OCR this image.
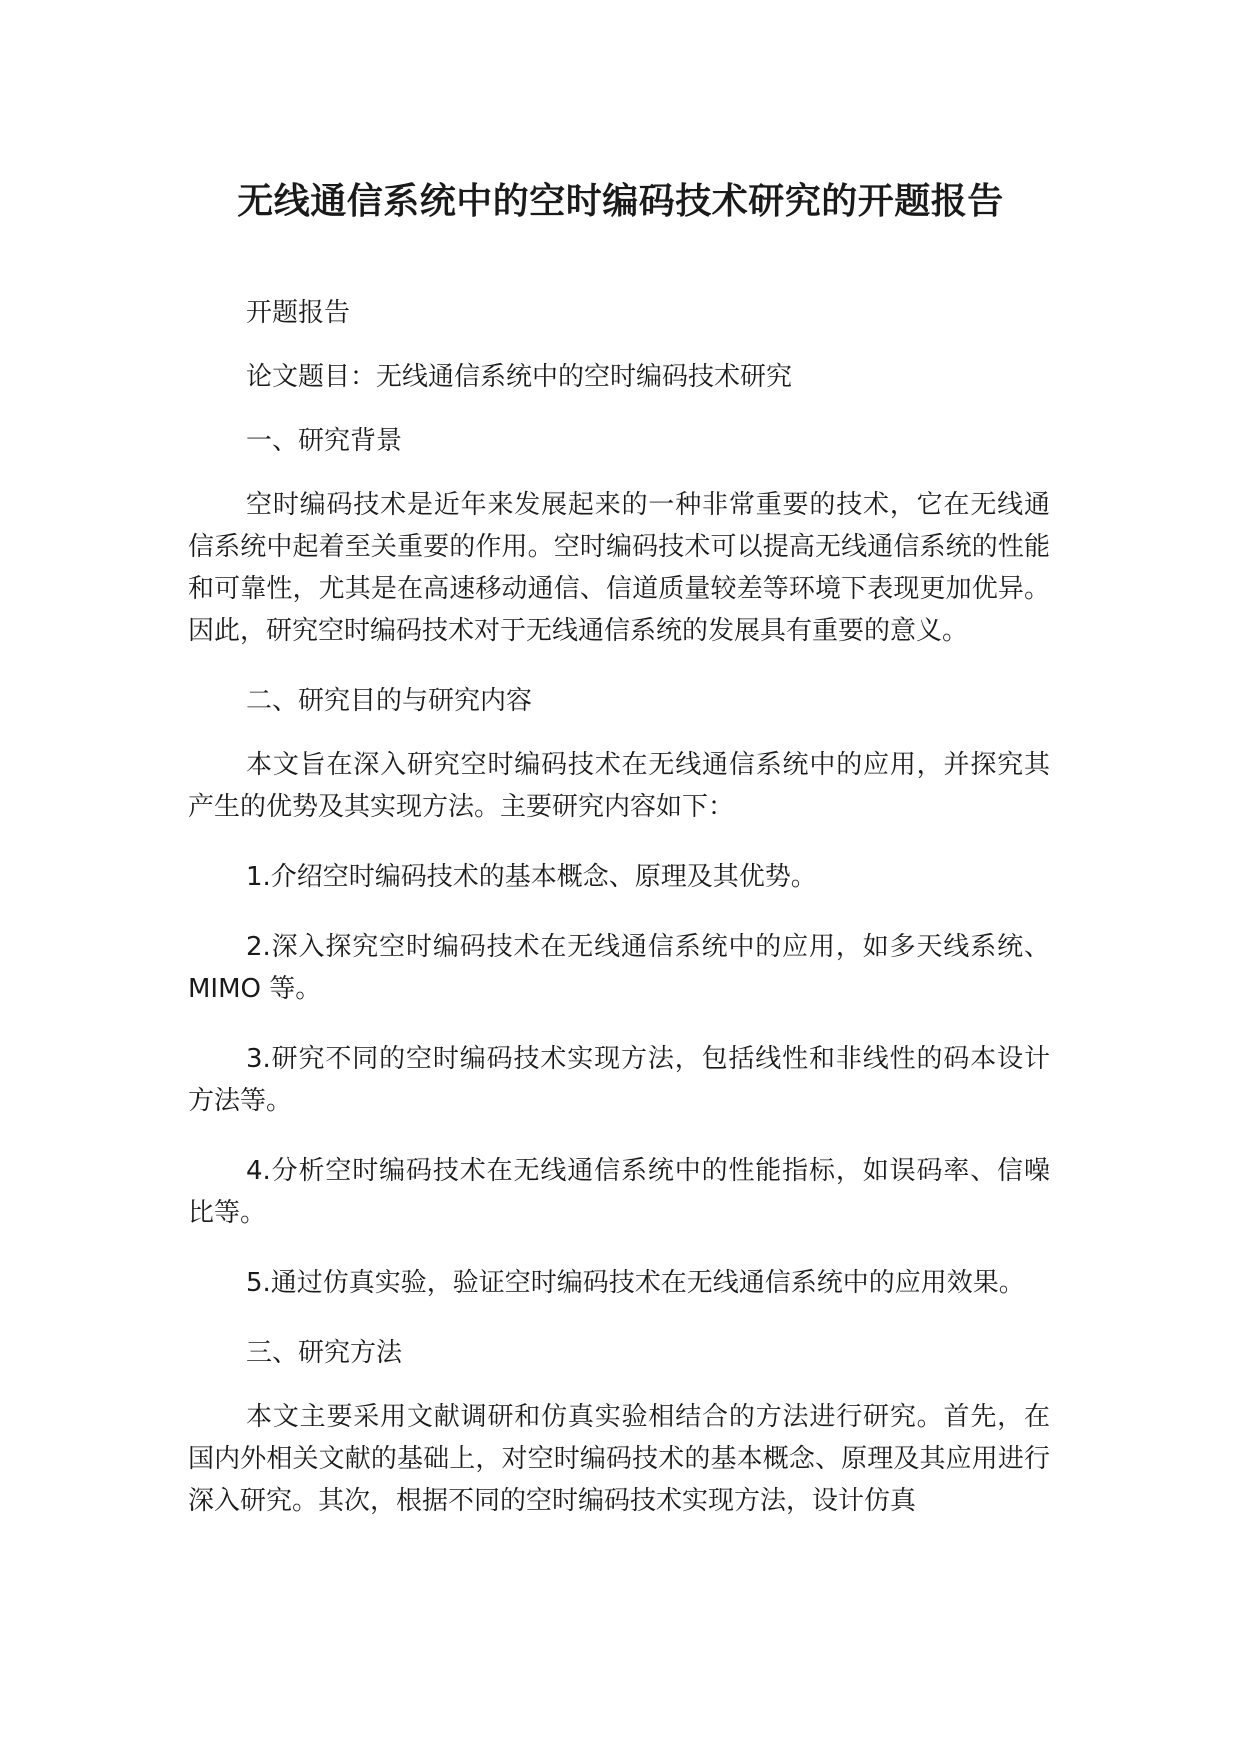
无线通信系统中的空时编码技术研究的开题报告

开题报告

论文题目：无线通信系统中的空时编码技术研究

一、研究背景

空时编码技术是近年来发展起来的一种非常重要的技术，它在无线通信系统中起着至关重要的作用。空时编码技术可以提高无线通信系统的性能和可靠性，尤其是在高速移动通信、信道质量较差等环境下表现更加优异。因此，研究空时编码技术对于无线通信系统的发展具有重要的意义。

二、研究目的与研究内容

本文旨在深入研究空时编码技术在无线通信系统中的应用，并探究其产生的优势及其实现方法。主要研究内容如下：

1.介绍空时编码技术的基本概念、原理及其优势。

2.深入探究空时编码技术在无线通信系统中的应用，如多天线系统、MIMO 等。

3.研究不同的空时编码技术实现方法，包括线性和非线性的码本设计方法等。

4.分析空时编码技术在无线通信系统中的性能指标，如误码率、信噪比等。

5.通过仿真实验，验证空时编码技术在无线通信系统中的应用效果。

三、研究方法

本文主要采用文献调研和仿真实验相结合的方法进行研究。首先，在国内外相关文献的基础上，对空时编码技术的基本概念、原理及其应用进行深入研究。其次，根据不同的空时编码技术实现方法，设计仿真
